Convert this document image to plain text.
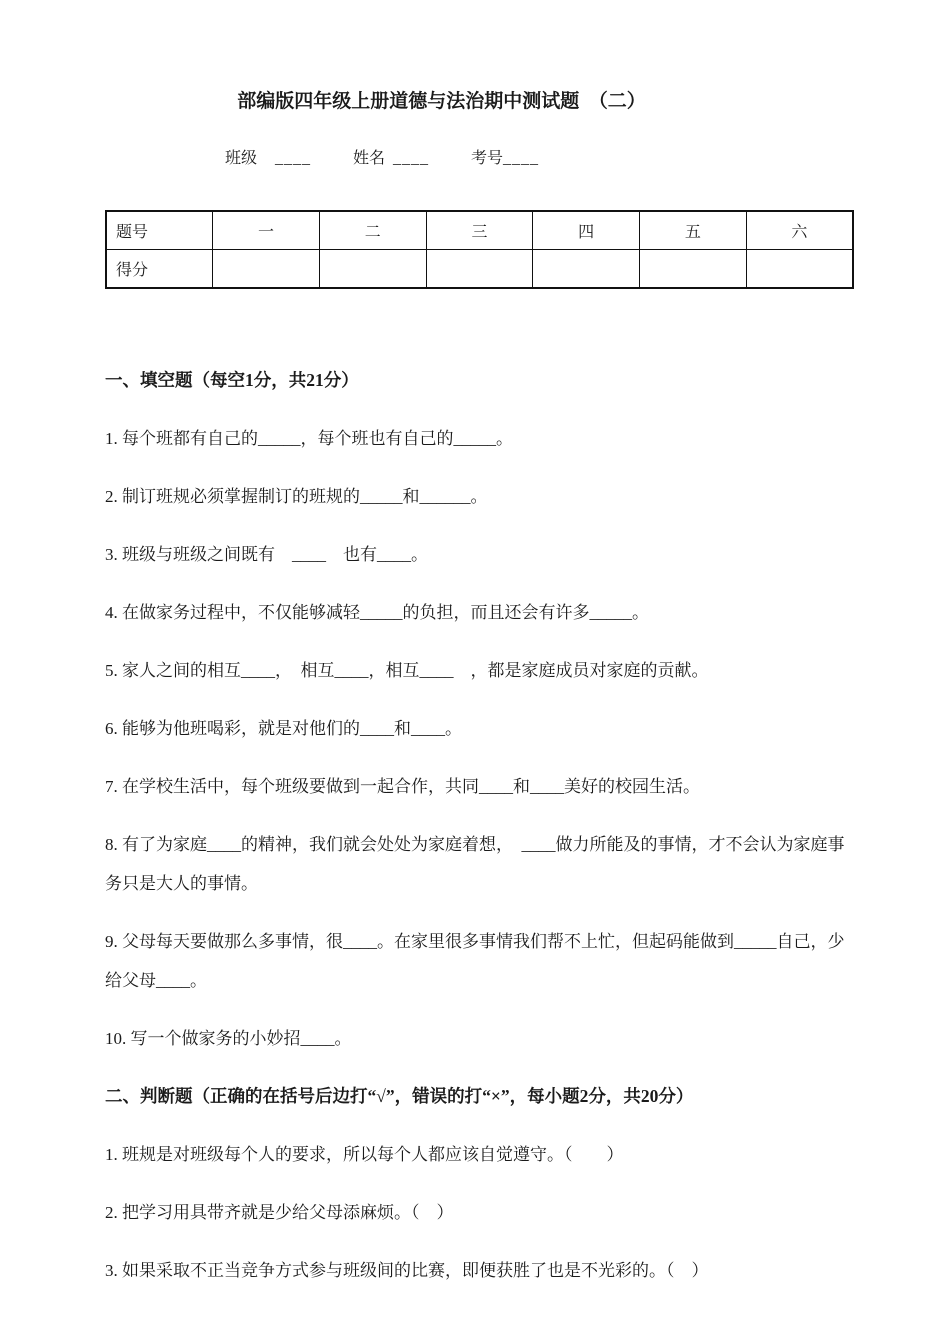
部编版四年级上册道德与法治期中测试题　（二）
班级 ____	姓名 ____	考号____
题号	一	二	三	四	五	六
得分						
一、填空题（每空1分，共21分）

1. 每个班都有自己的_____，每个班也有自己的_____。

2. 制订班规必须掌握制订的班规的_____和______。

3. 班级与班级之间既有　____　也有____。

4. 在做家务过程中，不仅能够减轻_____的负担，而且还会有许多_____。

5. 家人之间的相互____，　相互____，相互____　，都是家庭成员对家庭的贡献。

6. 能够为他班喝彩，就是对他们的____和____。

7. 在学校生活中，每个班级要做到一起合作，共同____和____美好的校园生活。

8. 有了为家庭____的精神，我们就会处处为家庭着想，　____做力所能及的事情，才不会认为家庭事务只是大人的事情。

9. 父母每天要做那么多事情，很____。在家里很多事情我们帮不上忙，但起码能做到_____自己，少给父母____。

10. 写一个做家务的小妙招____。

二、判断题（正确的在括号后边打“√”，错误的打“×”，每小题2分，共20分）

1. 班规是对班级每个人的要求，所以每个人都应该自觉遵守。（　　）

2. 把学习用具带齐就是少给父母添麻烦。（　）

3. 如果采取不正当竞争方式参与班级间的比赛，即便获胜了也是不光彩的。（　）
